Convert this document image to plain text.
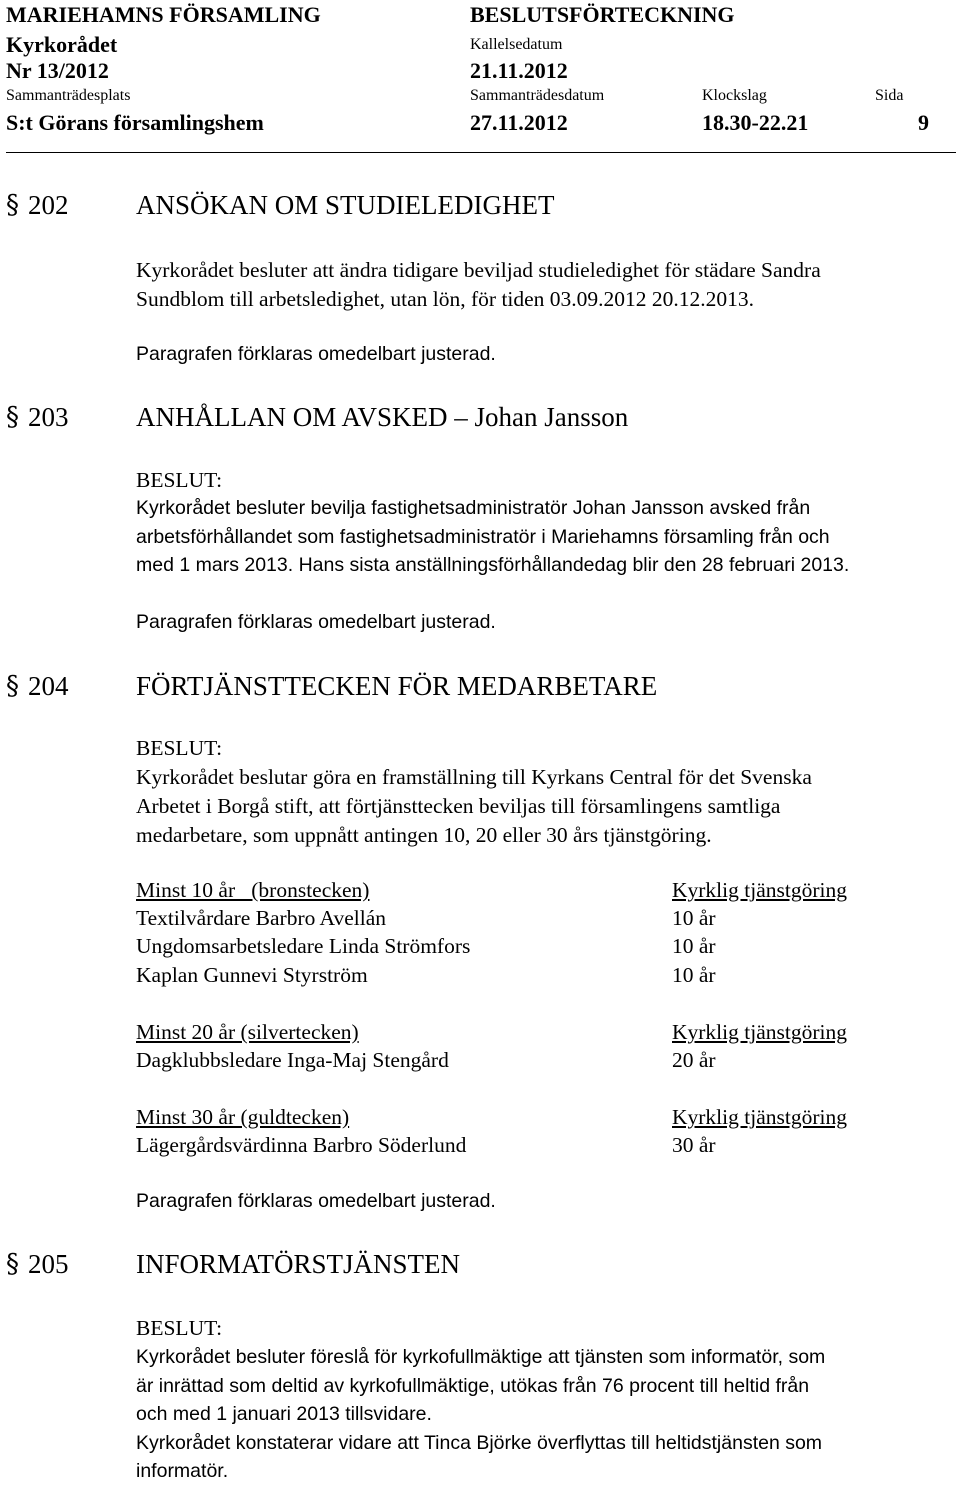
MARIEHAMNS FÖRSAMLING	BESLUTSFÖRTECKNING
Kyrkorådet	Kallelsedatum
Nr 13/2012	21.11.2012
Sammanträdesplats	Sammanträdesdatum	Klockslag	Sida
S:t Görans församlingshem	27.11.2012	18.30-22.21	9
§ 202	ANSÖKAN OM STUDIELEDIGHET
Kyrkorådet besluter att ändra tidigare beviljad studieledighet för städare Sandra
Sundblom till arbetsledighet, utan lön, för tiden 03.09.2012 20.12.2013.
Paragrafen förklaras omedelbart justerad.
§ 203	ANHÅLLAN OM AVSKED – Johan Jansson
BESLUT:
Kyrkorådet besluter bevilja fastighetsadministratör Johan Jansson avsked från
arbetsförhållandet som fastighetsadministratör i Mariehamns församling från och
med 1 mars 2013. Hans sista anställningsförhållandedag blir den 28 februari 2013.
Paragrafen förklaras omedelbart justerad.
§ 204	FÖRTJÄNSTTECKEN FÖR MEDARBETARE
BESLUT:
Kyrkorådet beslutar göra en framställning till Kyrkans Central för det Svenska
Arbetet i Borgå stift, att förtjänsttecken beviljas till församlingens samtliga
medarbetare, som uppnått antingen 10, 20 eller 30 års tjänstgöring.
Minst 10 år   (bronstecken)	Kyrklig tjänstgöring
Textilvårdare Barbro Avellán	10 år
Ungdomsarbetsledare Linda Strömfors	10 år
Kaplan Gunnevi Styrström	10 år
Minst 20 år (silvertecken)	Kyrklig tjänstgöring
Dagklubbsledare Inga-Maj Stengård	20 år
Minst 30 år (guldtecken)	Kyrklig tjänstgöring
Lägergårdsvärdinna Barbro Söderlund	30 år
Paragrafen förklaras omedelbart justerad.
§ 205	INFORMATÖRSTJÄNSTEN
BESLUT:
Kyrkorådet besluter föreslå för kyrkofullmäktige att tjänsten som informatör, som
är inrättad som deltid av kyrkofullmäktige, utökas från 76 procent till heltid från
och med 1 januari 2013 tillsvidare.
Kyrkorådet konstaterar vidare att Tinca Björke överflyttas till heltidstjänsten som
informatör.
